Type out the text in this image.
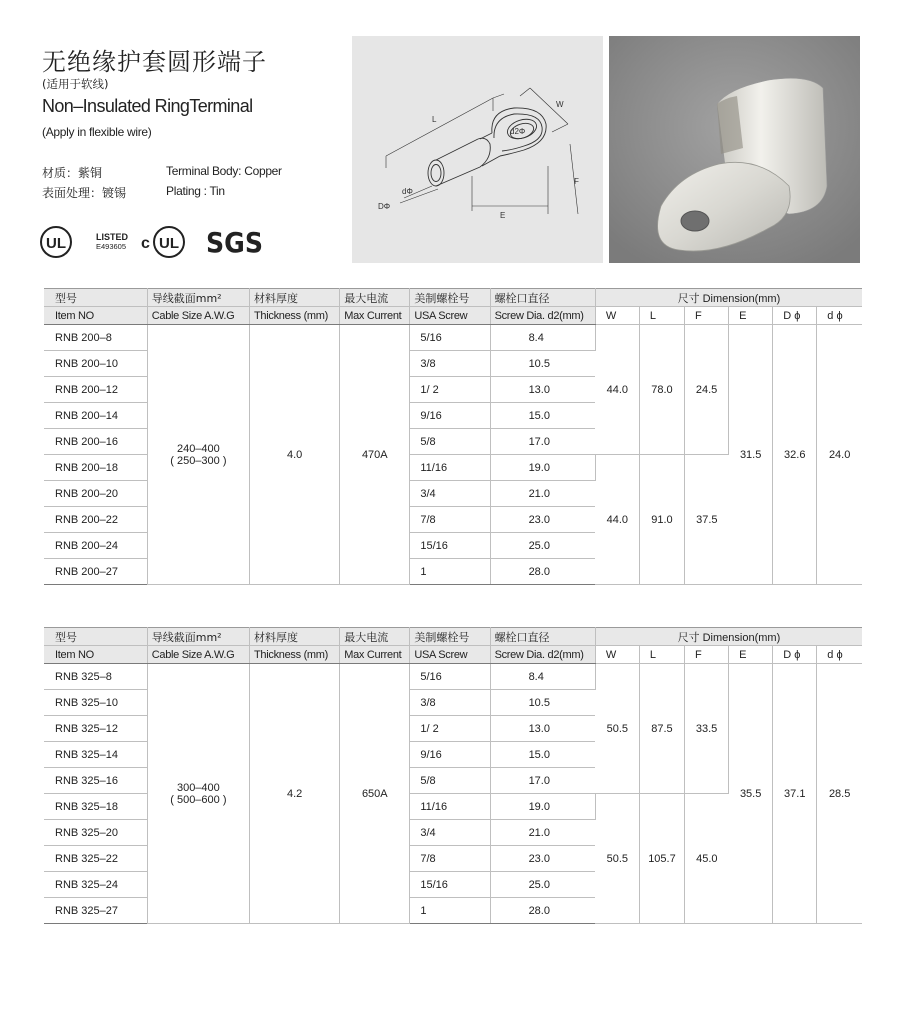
无绝缘护套圆形端子
(适用于软线)
Non–Insulated RingTerminal
(Apply in flexible wire)
材质：紫铜	Terminal Body: Copper
表面处理：镀锡	Plating : Tin
UL	LISTED
E493605 c UL SGS
L
W
d2Φ
dΦ
DΦ
F
E
型号	导线截面mm²	材料厚度	最大电流	美制螺栓号	螺栓口直径	尺寸 Dimension(mm)					
Item NO	Cable Size A.W.G	Thickness (mm)	Max Current	USA Screw	Screw Dia. d2(mm)	W	L	F	E	D ϕ	d ϕ
RNB 200–8	240–400
( 250–300 )	4.0	470A	5/16	8.4	44.0	78.0	24.5	31.5	32.6	24.0
RNB 200–10				3/8	10.5						
RNB 200–12				1/ 2	13.0						
RNB 200–14				9/16	15.0						
RNB 200–16				5/8	17.0						
RNB 200–18				11/16	19.0	44.0	91.0	37.5			
RNB 200–20				3/4	21.0						
RNB 200–22				7/8	23.0						
RNB 200–24				15/16	25.0						
RNB 200–27				1	28.0						
型号	导线截面mm²	材料厚度	最大电流	美制螺栓号	螺栓口直径	尺寸 Dimension(mm)					
Item NO	Cable Size A.W.G	Thickness (mm)	Max Current	USA Screw	Screw Dia. d2(mm)	W	L	F	E	D ϕ	d ϕ
RNB 325–8	300–400
( 500–600 )	4.2	650A	5/16	8.4	50.5	87.5	33.5	35.5	37.1	28.5
RNB 325–10				3/8	10.5						
RNB 325–12				1/ 2	13.0						
RNB 325–14				9/16	15.0						
RNB 325–16				5/8	17.0						
RNB 325–18				11/16	19.0	50.5	105.7	45.0			
RNB 325–20				3/4	21.0						
RNB 325–22				7/8	23.0						
RNB 325–24				15/16	25.0						
RNB 325–27				1	28.0						
